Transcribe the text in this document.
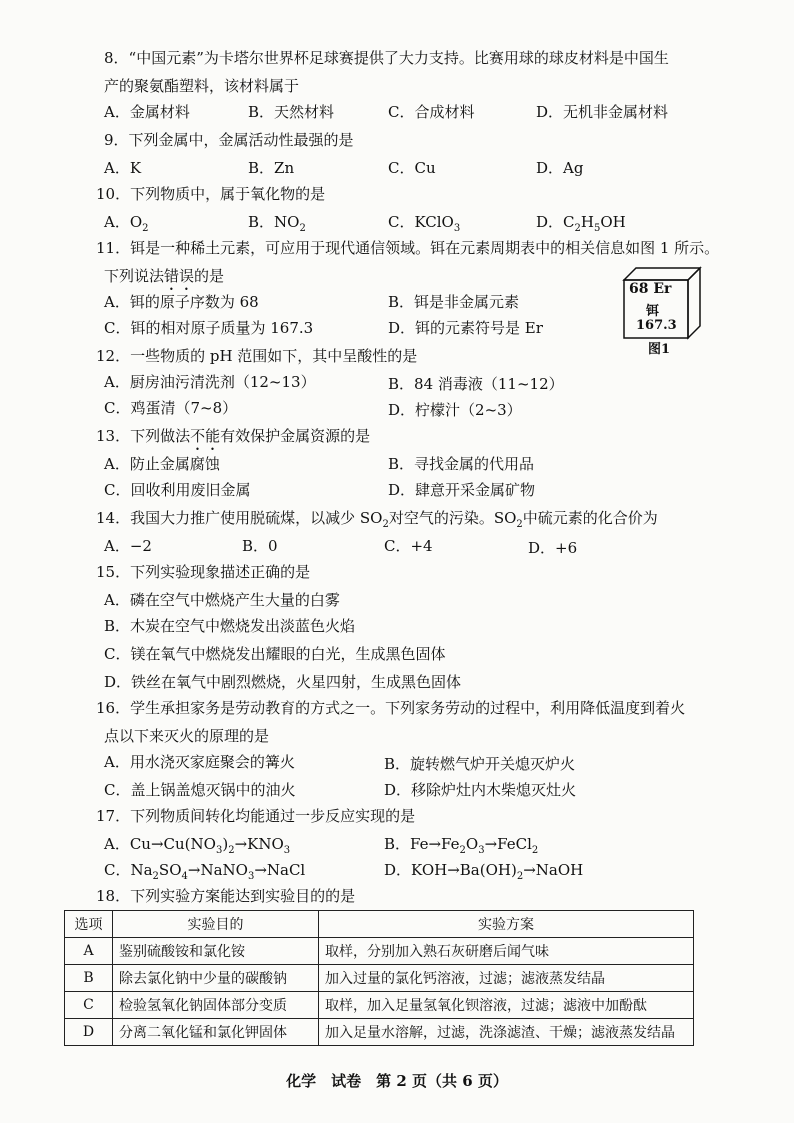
8．“中国元素”为卡塔尔世界杯足球赛提供了大力支持。比赛用球的球皮材料是中国生
产的聚氨酯塑料，该材料属于
A．金属材料	B．天然材料	C．合成材料	D．无机非金属材料
9．下列金属中，金属活动性最强的是
A．K	B．Zn	C．Cu	D．Ag
10．下列物质中，属于氧化物的是
A．$O_2$	B．$NO_2$	C．KClO$_3$	D．$C_2H_5OH$
11．铒是一种稀土元素，可应用于现代通信领域。铒在元素周期表中的相关信息如图 1 所示。
下列说法错误的是
A．铒的原子序数为 68	B．铒是非金属元素
C．铒的相对原子质量为 167.3	D．铒的元素符号是 Er
68 Er
铒
167.3
图1
12．一些物质的 pH 范围如下，其中呈酸性的是
A．厨房油污清洗剂（12~13）	B．84 消毒液（11~12）
C．鸡蛋清（7~8）	D．柠檬汁（2~3）
13．下列做法不能有效保护金属资源的是
A．防止金属腐蚀	B．寻找金属的代用品
C．回收利用废旧金属	D．肆意开采金属矿物
14．我国大力推广使用脱硫煤，以减少 $SO_2$对空气的污染。$SO_2$中硫元素的化合价为
A．−2	B．0	C．+4	D．+6
15．下列实验现象描述正确的是
A．磷在空气中燃烧产生大量的白雾
B．木炭在空气中燃烧发出淡蓝色火焰
C．镁在氧气中燃烧发出耀眼的白光，生成黑色固体
D．铁丝在氧气中剧烈燃烧，火星四射，生成黑色固体
16．学生承担家务是劳动教育的方式之一。下列家务劳动的过程中，利用降低温度到着火
点以下来灭火的原理的是
A．用水浇灭家庭聚会的篝火	B．旋转燃气炉开关熄灭炉火
C．盖上锅盖熄灭锅中的油火	D．移除炉灶内木柴熄灭灶火
17．下列物质间转化均能通过一步反应实现的是
A．$Cu\to Cu(NO_3)_2\to KNO_3$	B．$Fe\to Fe_2O_3\to FeCl_2$
C．$Na_2SO_4\to NaNO_3\to NaCl$	D．$KOH\to Ba(OH)_2\to NaOH$
18．下列实验方案能达到实验目的的是
选项	实验目的	实验方案
A	鉴别硫酸铵和氯化铵	取样，分别加入熟石灰研磨后闻气味
B	除去氯化钠中少量的碳酸钠	加入过量的氯化钙溶液，过滤；滤液蒸发结晶
C	检验氢氧化钠固体部分变质	取样，加入足量氢氧化钡溶液，过滤；滤液中加酚酞
D	分离二氧化锰和氯化钾固体	加入足量水溶解，过滤，洗涤滤渣、干燥；滤液蒸发结晶
化学　试卷　第 2 页（共 6 页）
